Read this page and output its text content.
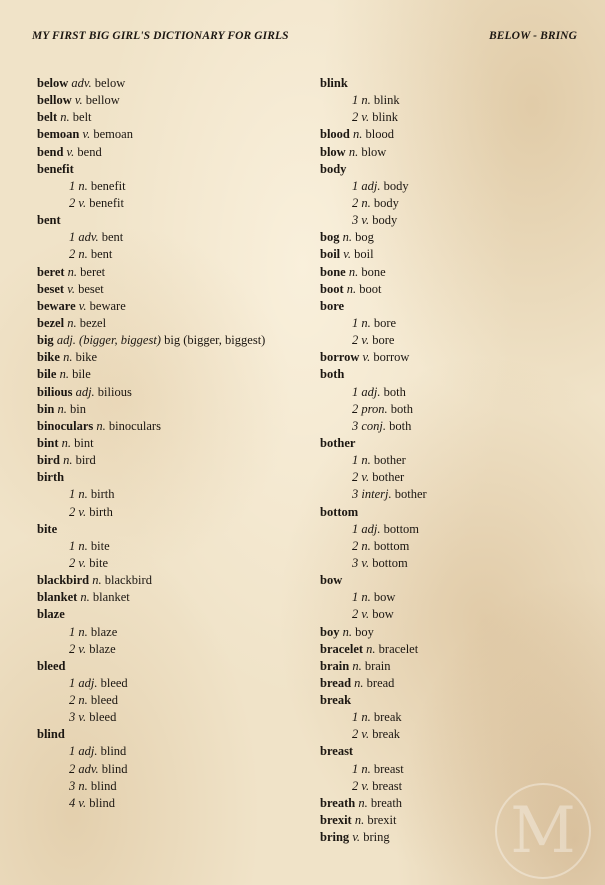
MY FIRST BIG GIRL'S DICTIONARY FOR GIRLS	BELOW - BRING
below adv. below
bellow v. bellow
belt n. belt
bemoan v. bemoan
bend v. bend
benefit
1 n. benefit
2 v. benefit
bent
1 adv. bent
2 n. bent
beret n. beret
beset v. beset
beware v. beware
bezel n. bezel
big adj. (bigger, biggest) big (bigger, biggest)
bike n. bike
bile n. bile
bilious adj. bilious
bin n. bin
binoculars n. binoculars
bint n. bint
bird n. bird
birth
1 n. birth
2 v. birth
bite
1 n. bite
2 v. bite
blackbird n. blackbird
blanket n. blanket
blaze
1 n. blaze
2 v. blaze
bleed
1 adj. bleed
2 n. bleed
3 v. bleed
blind
1 adj. blind
2 adv. blind
3 n. blind
4 v. blind
blink
1 n. blink
2 v. blink
blood n. blood
blow n. blow
body
1 adj. body
2 n. body
3 v. body
bog n. bog
boil v. boil
bone n. bone
boot n. boot
bore
1 n. bore
2 v. bore
borrow v. borrow
both
1 adj. both
2 pron. both
3 conj. both
bother
1 n. bother
2 v. bother
3 interj. bother
bottom
1 adj. bottom
2 n. bottom
3 v. bottom
bow
1 n. bow
2 v. bow
boy n. boy
bracelet n. bracelet
brain n. brain
bread n. bread
break
1 n. break
2 v. break
breast
1 n. breast
2 v. breast
breath n. breath
brexit n. brexit
bring v. bring	M
